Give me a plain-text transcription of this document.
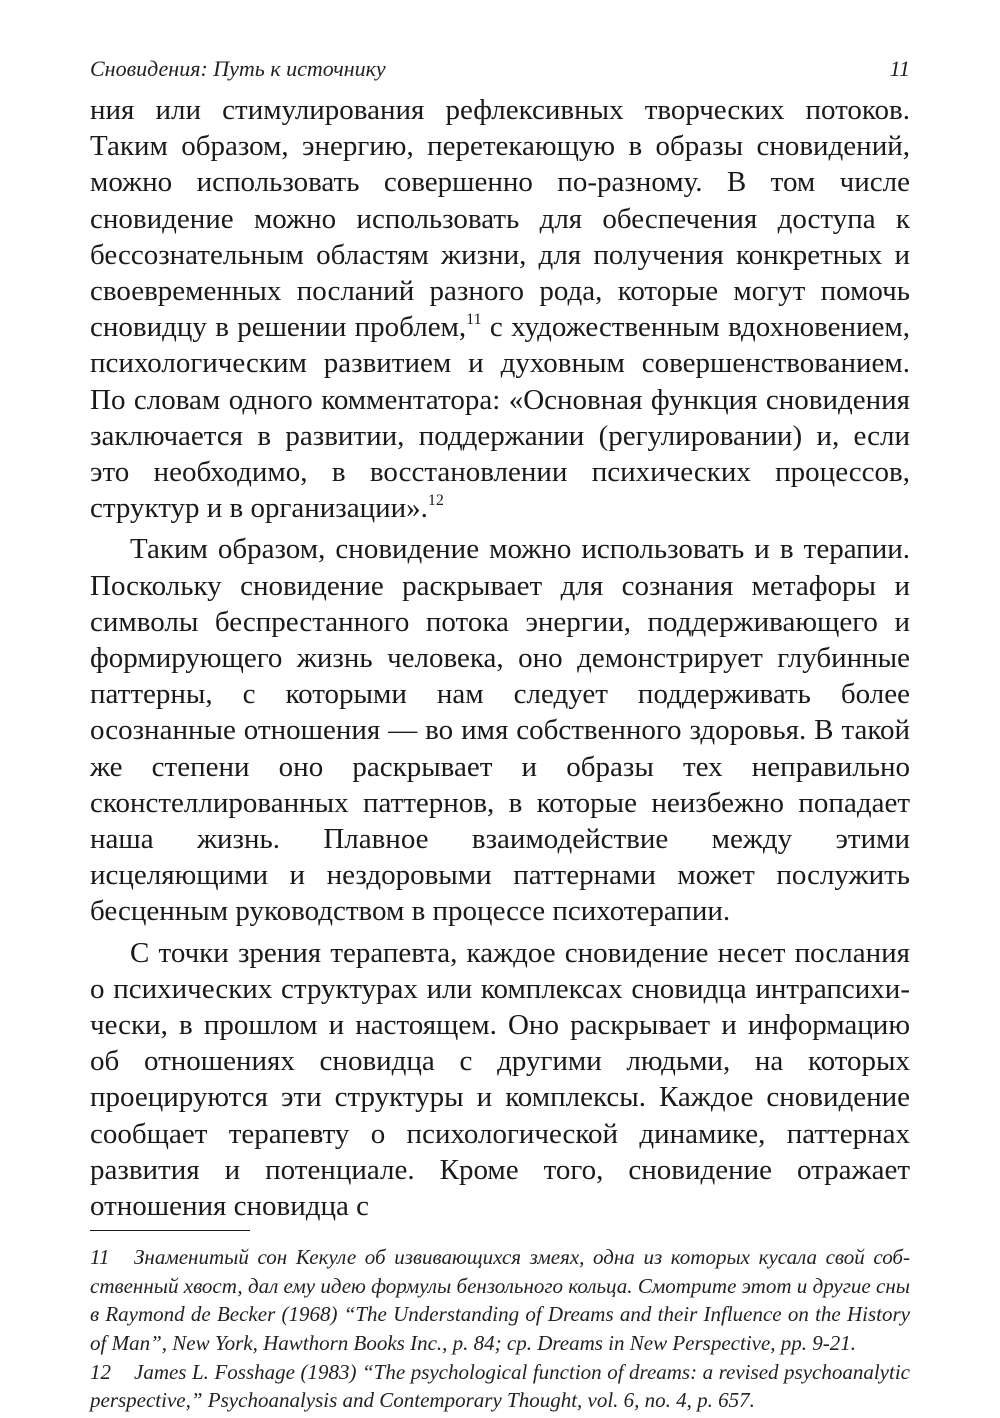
Сновидения: Путь к источнику	11

ния или стимулирования рефлексивных творческих потоков. Таким образом, энергию, перетекающую в образы сновидений, можно использовать совершенно по-разному. В том числе сновидение можно использовать для обеспечения доступа к бессознательным областям жизни, для получения конкретных и своевременных посланий разного рода, которые могут помочь сновидцу в решении проблем,$^{11}$ с художественным вдохновением, психологическим развитием и духовным совершенствованием. По словам одного комментатора: «Основная функция сновидения заключается в развитии, поддержании (регулировании) и, если это необходимо, в восстановлении психических процессов, структур и в организации».$^{12}$

Таким образом, сновидение можно использовать и в терапии. Поскольку сновидение раскрывает для сознания метафоры и символы беспрестанного потока энергии, поддерживающего и формирующего жизнь человека, оно демонстрирует глубинные паттерны, с которыми нам следует поддерживать более осознанные отношения — во имя собственного здоровья. В такой же степени оно раскрывает и образы тех неправильно сконстеллированных паттернов, в которые неизбежно попадает наша жизнь. Плавное взаимодействие между этими исцеляющими и нездоровыми паттернами может послужить бесценным руководством в процессе психотерапии.

С точки зрения терапевта, каждое сновидение несет послания о психических структурах или комплексах сновидца интрапсихически, в прошлом и настоящем. Оно раскрывает и информацию об отношениях сновидца с другими людьми, на которых проецируются эти структуры и комплексы. Каждое сновидение сообщает терапевту о психологической динамике, паттернах развития и потенциале. Кроме того, сновидение отражает отношения сновидца с

11 Знаменитый сон Кекуле об извивающихся змеях, одна из которых кусала свой собственный хвост, дал ему идею формулы бензольного кольца. Смотрите этот и другие сны в Raymond de Becker (1968) “The Understanding of Dreams and their Influence on the History of Man”, New York, Hawthorn Books Inc., p. 84; cp. Dreams in New Perspective, pp. 9-21.

12 James L. Fosshage (1983) “The psychological function of dreams: a revised psychoanalytic perspective,” Psychoanalysis and Contemporary Thought, vol. 6, no. 4, p. 657.
